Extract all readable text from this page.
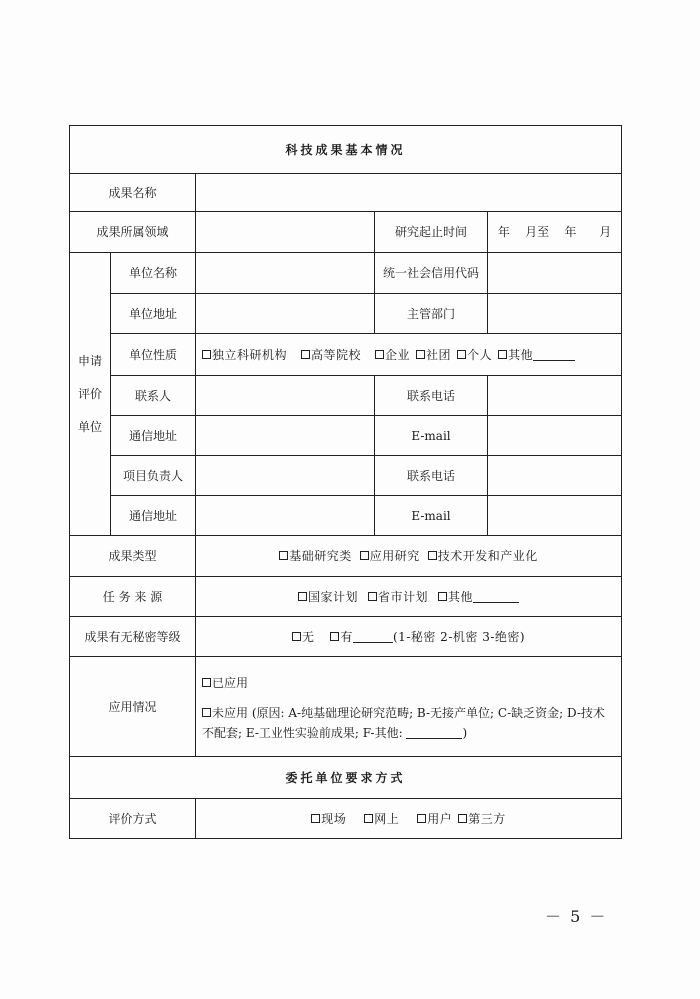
科技成果基本情况				
成果名称				
成果所属领域			研究起止时间	年    月至    年      月

申请
评价
单位	单位名称		统一社会信用代码	
	单位地址		主管部门	
	单位性质	独立科研机构 高等院校 企业 社团 个人 其他		
	联系人		联系电话	
	通信地址		E-mail	
	项目负责人		联系电话	
	通信地址		E-mail	
成果类型		基础研究类 应用研究 技术开发和产业化		
任 务 来 源		国家计划 省市计划 其他		
成果有无秘密等级		无 有 (1-秘密 2-机密 3-绝密)		
应用情况		已应用
未应用 (原因: A-纯基础理论研究范畴; B-无接产单位; C-缺乏资金; D-技术不配套; E-工业性实验前成果; F-其他: )		

委托单位要求方式				
评价方式		现场 网上 用户 第三方		
－ 5 －
